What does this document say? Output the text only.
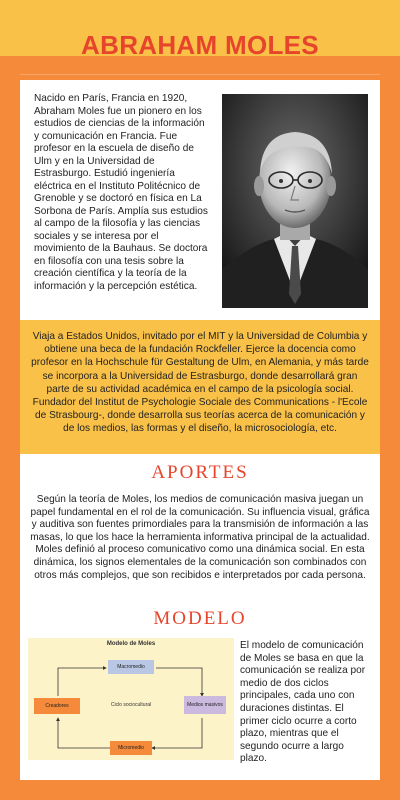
ABRAHAM MOLES
Nacido en París, Francia en 1920, Abraham Moles fue un pionero en los estudios de ciencias de la información y comunicación en Francia. Fue profesor en la escuela de diseño de Ulm y en la Universidad de Estrasburgo. Estudió ingeniería eléctrica en el Instituto Politécnico de Grenoble y se doctoró en física en La Sorbona de París. Amplía sus estudios al campo de la filosofía y las ciencias sociales y se interesa por el movimiento de la Bauhaus. Se doctora en filosofía con una tesis sobre la creación científica y la teoría de la información y la percepción estética.
Viaja a Estados Unidos, invitado por el MIT y la Universidad de Columbia y obtiene una beca de la fundación Rockfeller. Ejerce la docencia como profesor en la Hochschule für Gestaltung de Ulm, en Alemania, y más tarde se incorpora a la Universidad de Estrasburgo, donde desarrollará gran parte de su actividad académica en el campo de la psicología social. Fundador del Institut de Psychologie Sociale des Communications - l'Ecole de Strasbourg-, donde desarrolla sus teorías acerca de la comunicación y de los medios, las formas y el diseño, la microsociología, etc.
APORTES
Según la teoría de Moles, los medios de comunicación masiva juegan un papel fundamental en el rol de la comunicación. Su influencia visual, gráfica y auditiva son fuentes primordiales para la transmisión de información a las masas, lo que los hace la herramienta informativa principal de la actualidad. Moles definió al proceso comunicativo como una dinámica social. En esta dinámica, los signos elementales de la comunicación son combinados con otros más complejos, que son recibidos e interpretados por cada persona.
MODELO
Modelo de Moles
Macromedio
Creadores	Medios masivos
Micromedio
Ciclo sociocultural
El modelo de comunicación de Moles se basa en que la comunicación se realiza por medio de dos ciclos principales, cada uno con duraciones distintas. El primer ciclo ocurre a corto plazo, mientras que el segundo ocurre a largo plazo.
